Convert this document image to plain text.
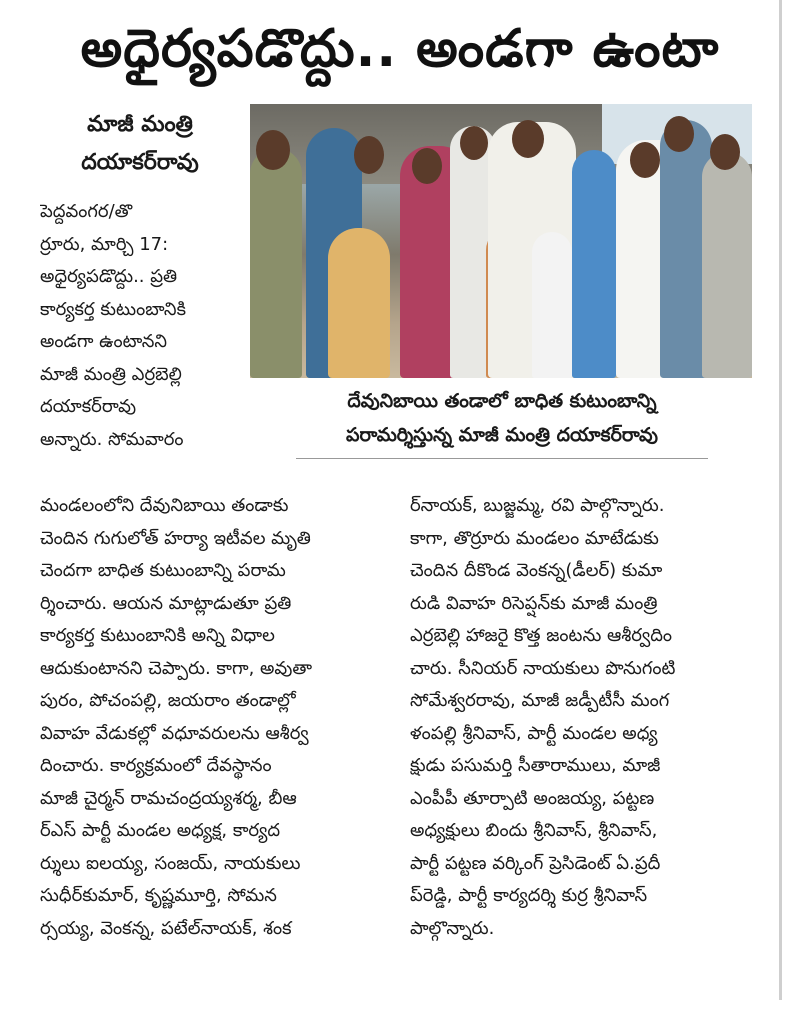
అధైర్యపడొద్దు.. అండగా ఉంటా
మాజీ మంత్రి
దయాకర్‌రావు
దేవునిబాయి తండాలో బాధిత కుటుంబాన్ని
పరామర్శిస్తున్న మాజీ మంత్రి దయాకర్‌రావు
పెద్దవంగర/తొ
ర్రూరు, మార్చి 17:
అధైర్యపడొద్దు.. ప్రతి
కార్యకర్త కుటుంబానికి
అండగా ఉంటానని
మాజీ మంత్రి ఎర్రబెల్లి
దయాకర్‌రావు
అన్నారు. సోమవారం
మండలంలోని దేవునిబాయి తండాకు
చెందిన గుగులోత్ హర్యా ఇటీవల మృతి
చెందగా బాధిత కుటుంబాన్ని పరామ
ర్శించారు. ఆయన మాట్లాడుతూ ప్రతి
కార్యకర్త కుటుంబానికి అన్ని విధాల
ఆదుకుంటానని చెప్పారు. కాగా, అవుతా
పురం, పోచంపల్లి, జయరాం తండాల్లో
వివాహ వేడుకల్లో వధూవరులను ఆశీర్వ
దించారు. కార్యక్రమంలో దేవస్థానం
మాజీ చైర్మన్ రామచంద్రయ్యశర్మ, బీఆ
ర్ఎస్ పార్టీ మండల అధ్యక్ష, కార్యద
ర్శులు ఐలయ్య, సంజయ్, నాయకులు
సుధీర్‌కుమార్, కృష్ణమూర్తి, సోమన
ర్సయ్య, వెంకన్న, పటేల్‌నాయక్, శంక
ర్‌నాయక్, బుజ్జమ్మ, రవి పాల్గొన్నారు.
కాగా, తొర్రూరు మండలం మాటేడుకు
చెందిన దీకొండ వెంకన్న(డీలర్) కుమా
రుడి వివాహ రిసెప్షన్‌కు మాజీ మంత్రి
ఎర్రబెల్లి హాజరై కొత్త జంటను ఆశీర్వదిం
చారు. సీనియర్ నాయకులు పొనుగంటి
సోమేశ్వరరావు, మాజీ జడ్పీటీసీ మంగ
ళంపల్లి శ్రీనివాస్, పార్టీ మండల అధ్య
క్షుడు పసుమర్తి సీతారాములు, మాజీ
ఎంపీపీ తూర్పాటి అంజయ్య, పట్టణ
అధ్యక్షులు బిందు శ్రీనివాస్, శ్రీనివాస్,
పార్టీ పట్టణ వర్కింగ్ ప్రెసిడెంట్ ఏ.ప్రదీ
ప్‌రెడ్డి, పార్టీ కార్యదర్శి కుర్ర శ్రీనివాస్
పాల్గొన్నారు.
